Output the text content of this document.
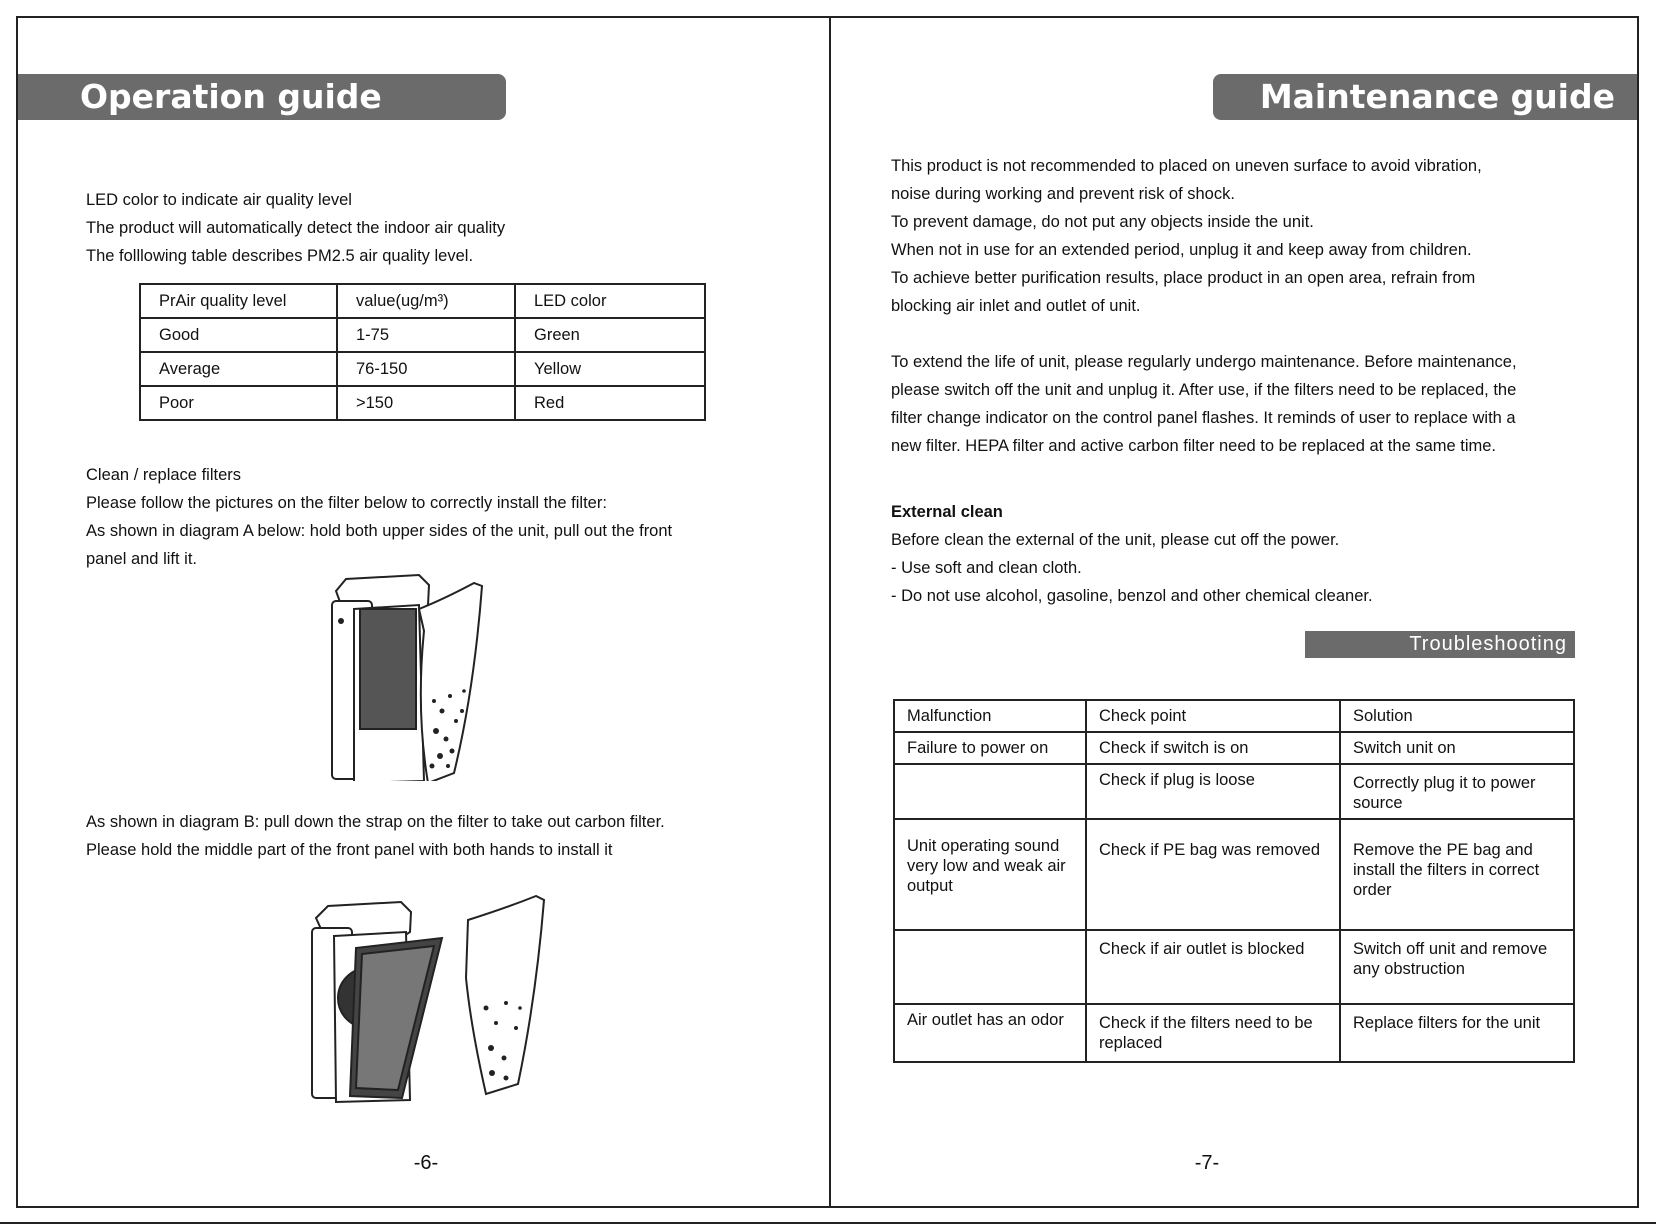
Operation guide
LED color to indicate air quality level
The product will automatically detect the indoor air quality
The folllowing table describes PM2.5 air quality level.
PrAir quality level	value(ug/m³)	LED color
Good	1-75	Green
Average	76-150	Yellow
Poor	>150	Red
Clean / replace filters
Please follow the pictures on the filter below to correctly install the filter:
As shown in diagram A below: hold both upper sides of the unit, pull out the front
panel and lift it.
As shown in diagram B: pull down the strap on the filter to take out carbon filter.
Please hold the middle part of the front panel with both hands to install it
-6-
Maintenance guide
This product is not recommended to placed on uneven surface to avoid vibration,
noise during working and prevent risk of shock.
To prevent damage, do not put any objects inside the unit.
When not in use for an extended period, unplug it and keep away from children.
To achieve better purification results, place product in an open area, refrain from
blocking air inlet and outlet of unit.
To extend the life of unit, please regularly undergo maintenance. Before maintenance,
please switch off the unit and unplug it. After use, if the filters need to be replaced, the
filter change indicator on the control panel flashes. It reminds of user to replace with a
new filter. HEPA filter and active carbon filter need to be replaced at the same time.
External clean
Before clean the external of the unit, please cut off the power.
- Use soft and clean cloth.
- Do not use alcohol, gasoline, benzol and other chemical cleaner.
Troubleshooting
Malfunction	Check point	Solution
Failure to power on	Check if switch is on	Switch unit on
	Check if plug is loose	Correctly plug it to power source
Unit operating sound very low and weak air output	Check if PE bag was removed	Remove the PE bag and install the filters in correct order
	Check if air outlet is blocked	Switch off unit and remove any obstruction
Air outlet has an odor	Check if the filters need to be replaced	Replace filters for the unit
-7-
